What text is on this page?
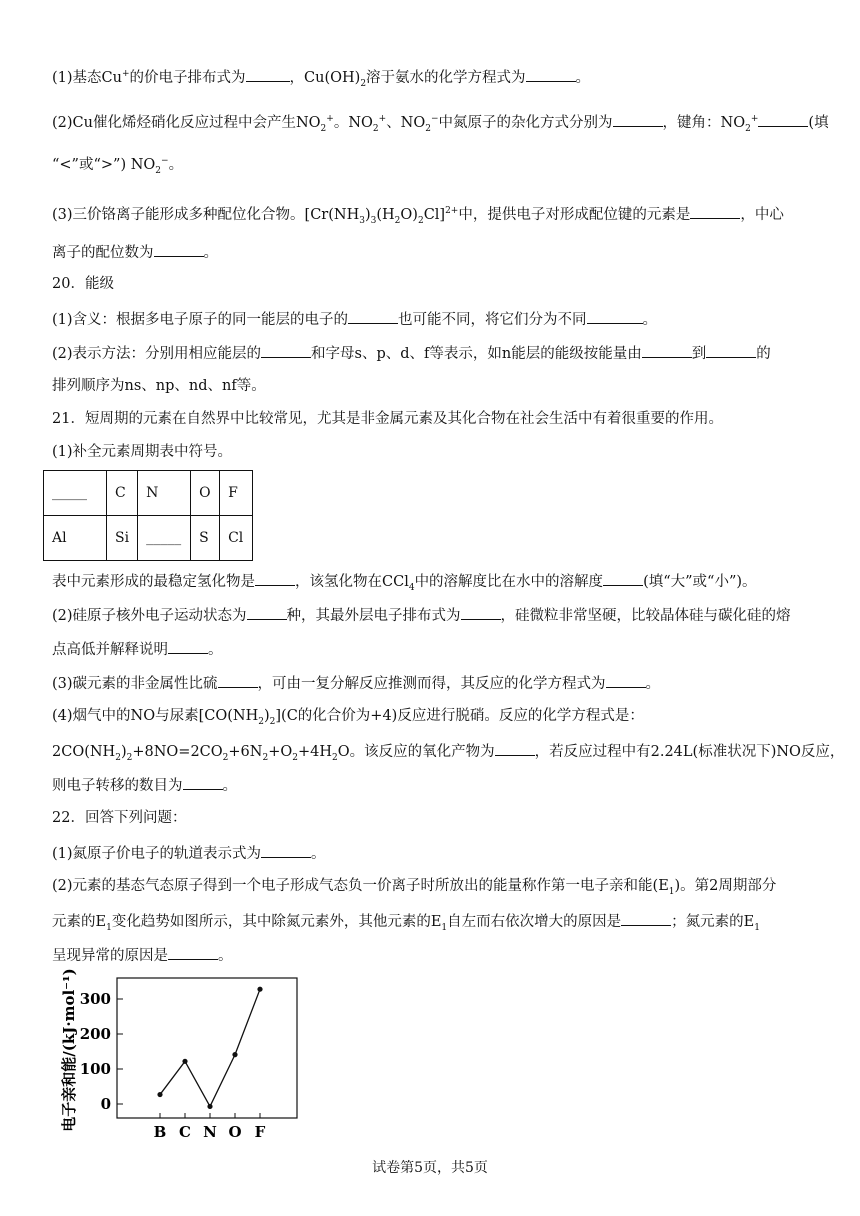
(1)基态Cu+的价电子排布式为	，$Cu(OH)_2$溶于氨水的化学方程式为	。
(2)Cu催化烯烃硝化反应过程中会产生$NO_2^+$。$NO_2^+$、$NO_2^-$中氮原子的杂化方式分别为	，键角：$NO_2^+$	(填
“<”或“>”) $NO_2^-$。
(3)三价铬离子能形成多种配位化合物。$[Cr(NH_3)_3(H_2O)_2Cl]^{2+}$中，提供电子对形成配位键的元素是	，中心
离子的配位数为	。
20．能级
(1)含义：根据多电子原子的同一能层的电子的	也可能不同，将它们分为不同	。
(2)表示方法：分别用相应能层的	和字母s、p、d、f等表示，如n能层的能级按能量由	到	的
排列顺序为ns、np、nd、nf等。
21．短周期的元素在自然界中比较常见，尤其是非金属元素及其化合物在社会生活中有着很重要的作用。
(1)补全元素周期表中符号。
_____	C	N	O	F
Al	Si	_____	S	Cl
表中元素形成的最稳定氢化物是	，该氢化物在CCl$_4$中的溶解度比在水中的溶解度	(填“大”或“小”)。
(2)硅原子核外电子运动状态为	种，其最外层电子排布式为	，硅微粒非常坚硬，比较晶体硅与碳化硅的熔
点高低并解释说明	。
(3)碳元素的非金属性比硫	，可由一复分解反应推测而得，其反应的化学方程式为	。
(4)烟气中的NO与尿素$[CO(NH_2)_2](C$的化合价为+4)反应进行脱硝。反应的化学方程式是：
$2CO(NH_2)_2+8NO=2CO_2+6N_2+O_2+4H_2O$。该反应的氧化产物为	，若反应过程中有2.24L(标准状况下)NO反应，
则电子转移的数目为	。
22．回答下列问题：
(1)氮原子价电子的轨道表示式为	。
(2)元素的基态气态原子得到一个电子形成气态负一价离子时所放出的能量称作第一电子亲和能$(E_1)$。第2周期部分
元素的$E_1$变化趋势如图所示，其中除氮元素外，其他元素的$E_1$自左而右依次增大的原因是	；氮元素的$E_1$
呈现异常的原因是	。
电子亲和能/(kJ·mol⁻¹) 0
100
200
300
B C N O F
试卷第5页，共5页
